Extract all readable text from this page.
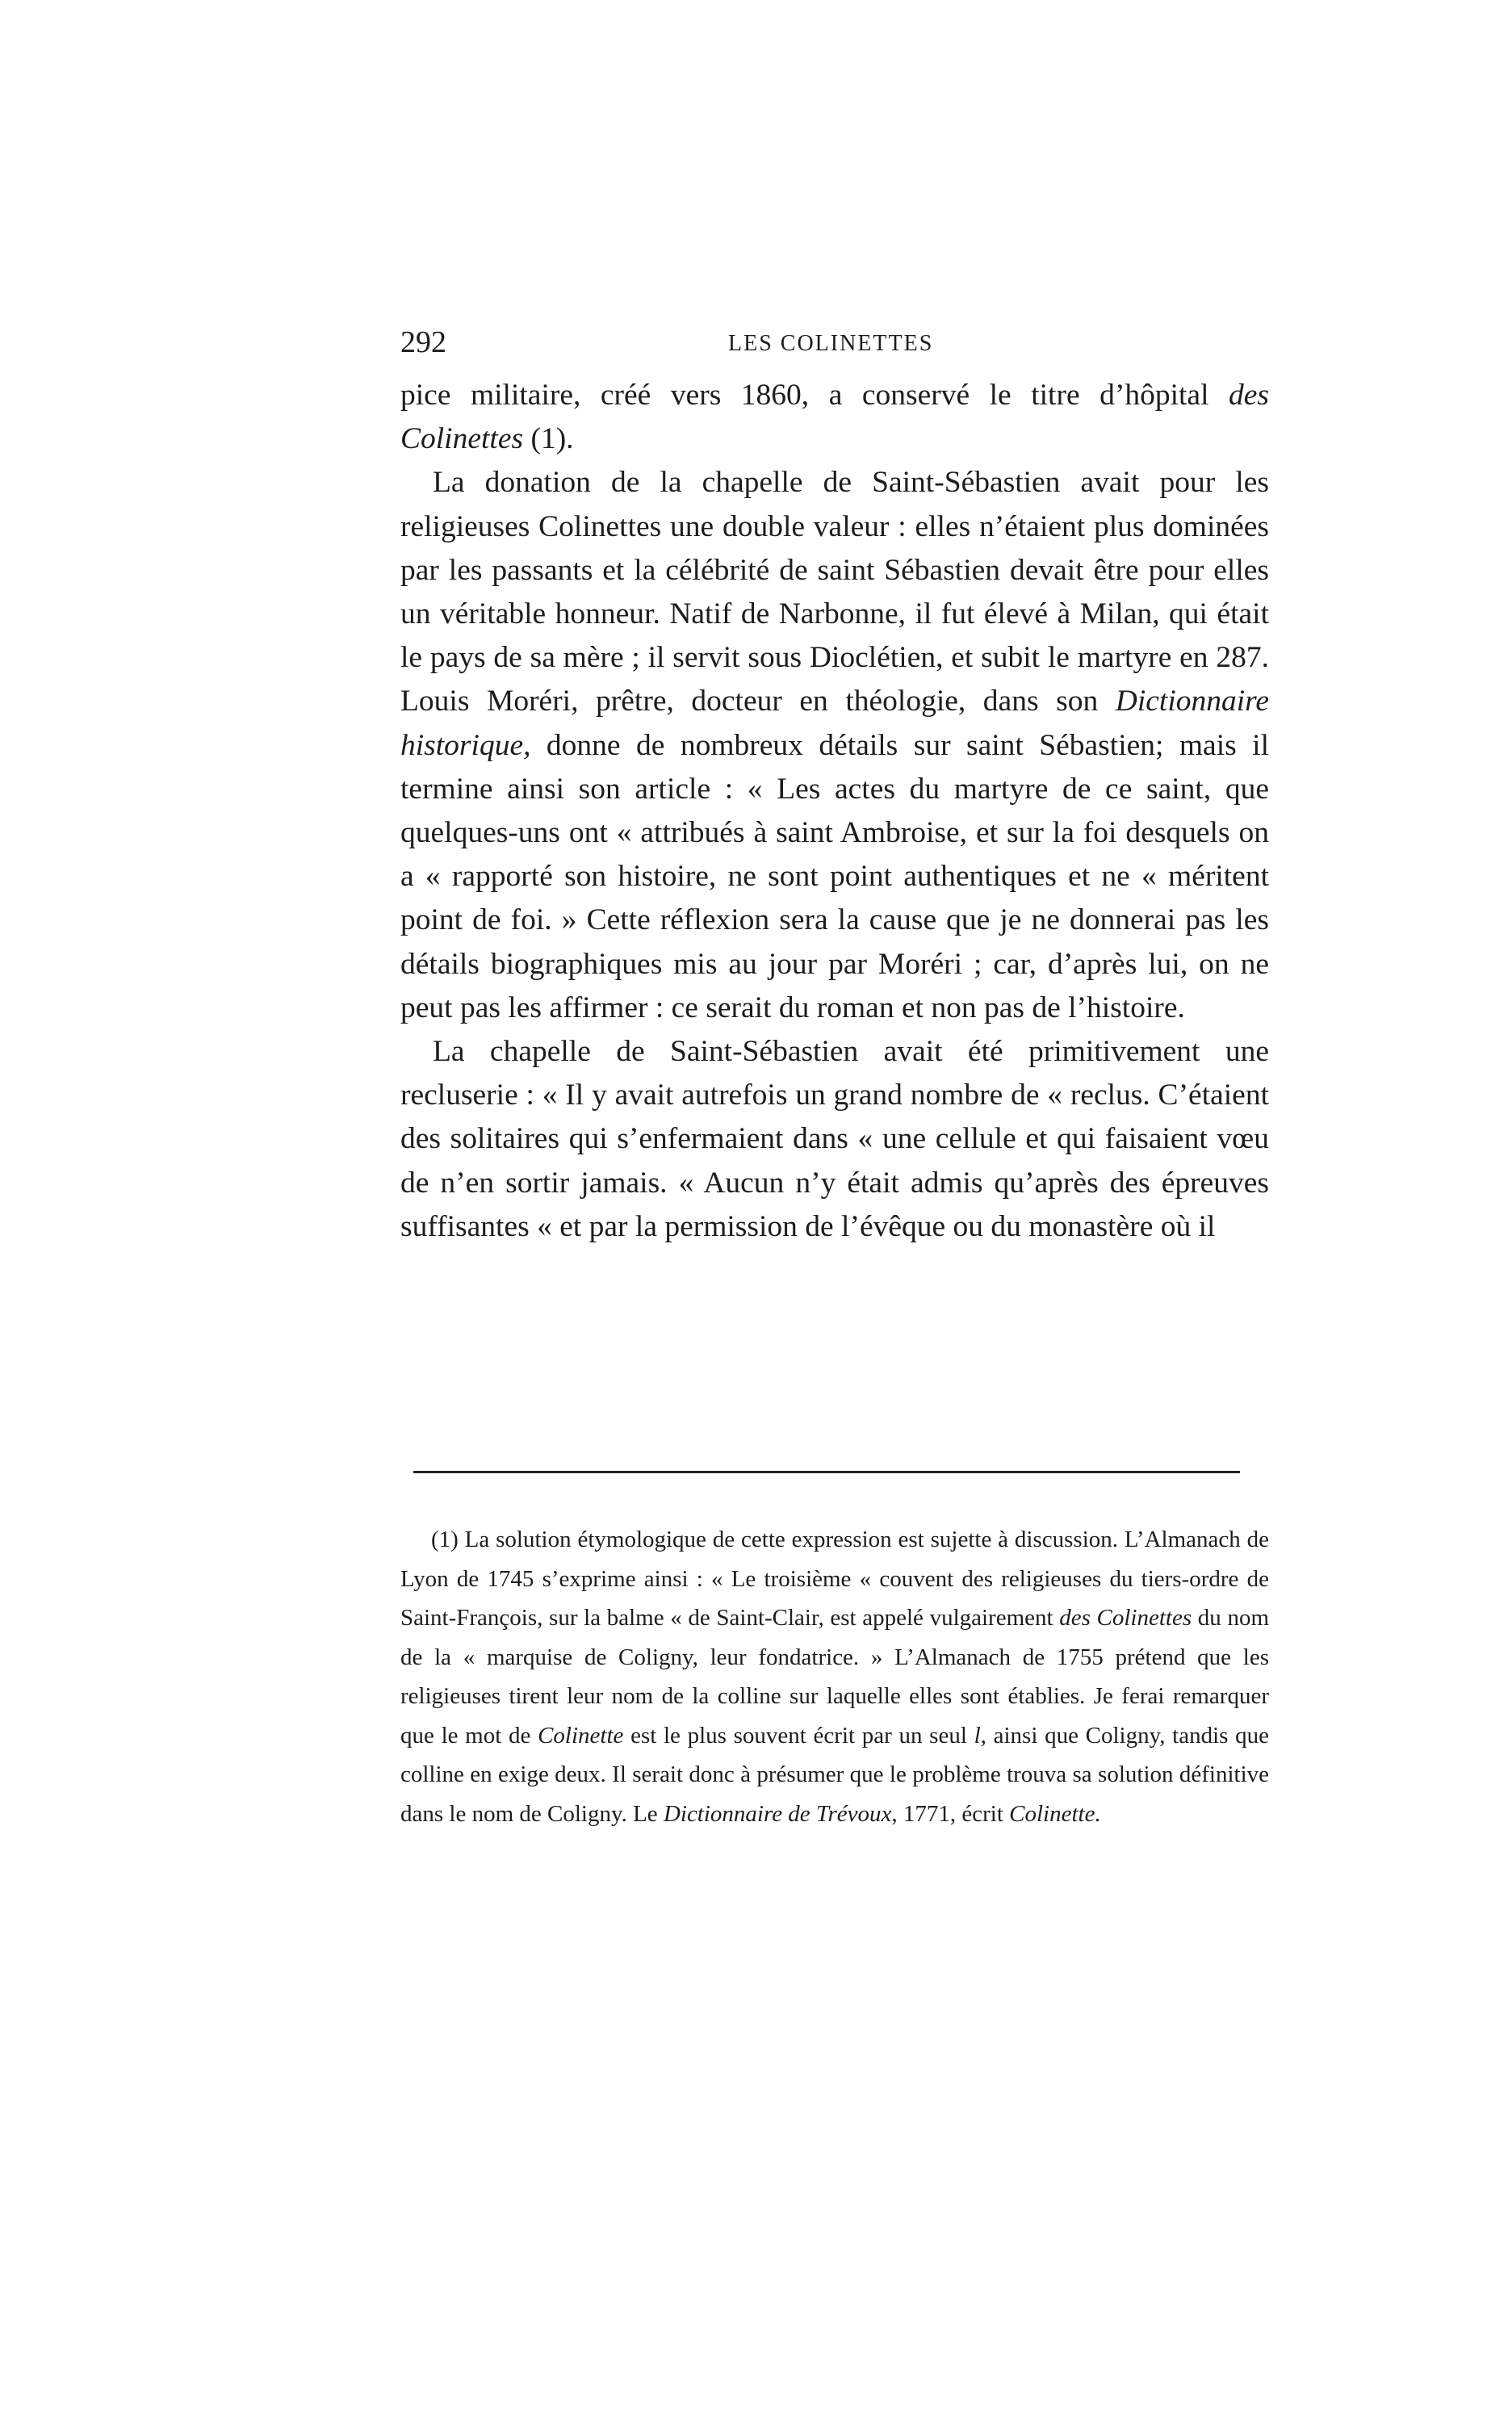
292	LES COLINETTES

pice militaire, créé vers 1860, a conservé le titre d’hôpital des Colinettes (1).

La donation de la chapelle de Saint-Sébastien avait pour les religieuses Colinettes une double valeur : elles n’étaient plus dominées par les passants et la célébrité de saint Sébastien devait être pour elles un véritable honneur. Natif de Narbonne, il fut élevé à Milan, qui était le pays de sa mère ; il servit sous Dioclétien, et subit le martyre en 287. Louis Moréri, prêtre, docteur en théologie, dans son Dictionnaire historique, donne de nombreux détails sur saint Sébastien; mais il termine ainsi son article : « Les actes du martyre de ce saint, que quelques-uns ont « attribués à saint Ambroise, et sur la foi desquels on a « rapporté son histoire, ne sont point authentiques et ne « méritent point de foi. » Cette réflexion sera la cause que je ne donnerai pas les détails biographiques mis au jour par Moréri ; car, d’après lui, on ne peut pas les affirmer : ce serait du roman et non pas de l’histoire.

La chapelle de Saint-Sébastien avait été primitivement une recluserie : « Il y avait autrefois un grand nombre de « reclus. C’étaient des solitaires qui s’enfermaient dans « une cellule et qui faisaient vœu de n’en sortir jamais. « Aucun n’y était admis qu’après des épreuves suffisantes « et par la permission de l’évêque ou du monastère où il

(1) La solution étymologique de cette expression est sujette à discussion. L’Almanach de Lyon de 1745 s’exprime ainsi : « Le troisième « couvent des religieuses du tiers-ordre de Saint-François, sur la balme « de Saint-Clair, est appelé vulgairement des Colinettes du nom de la « marquise de Coligny, leur fondatrice. » L’Almanach de 1755 prétend que les religieuses tirent leur nom de la colline sur laquelle elles sont établies. Je ferai remarquer que le mot de Colinette est le plus souvent écrit par un seul l, ainsi que Coligny, tandis que colline en exige deux. Il serait donc à présumer que le problème trouva sa solution définitive dans le nom de Coligny. Le Dictionnaire de Trévoux, 1771, écrit Colinette.
